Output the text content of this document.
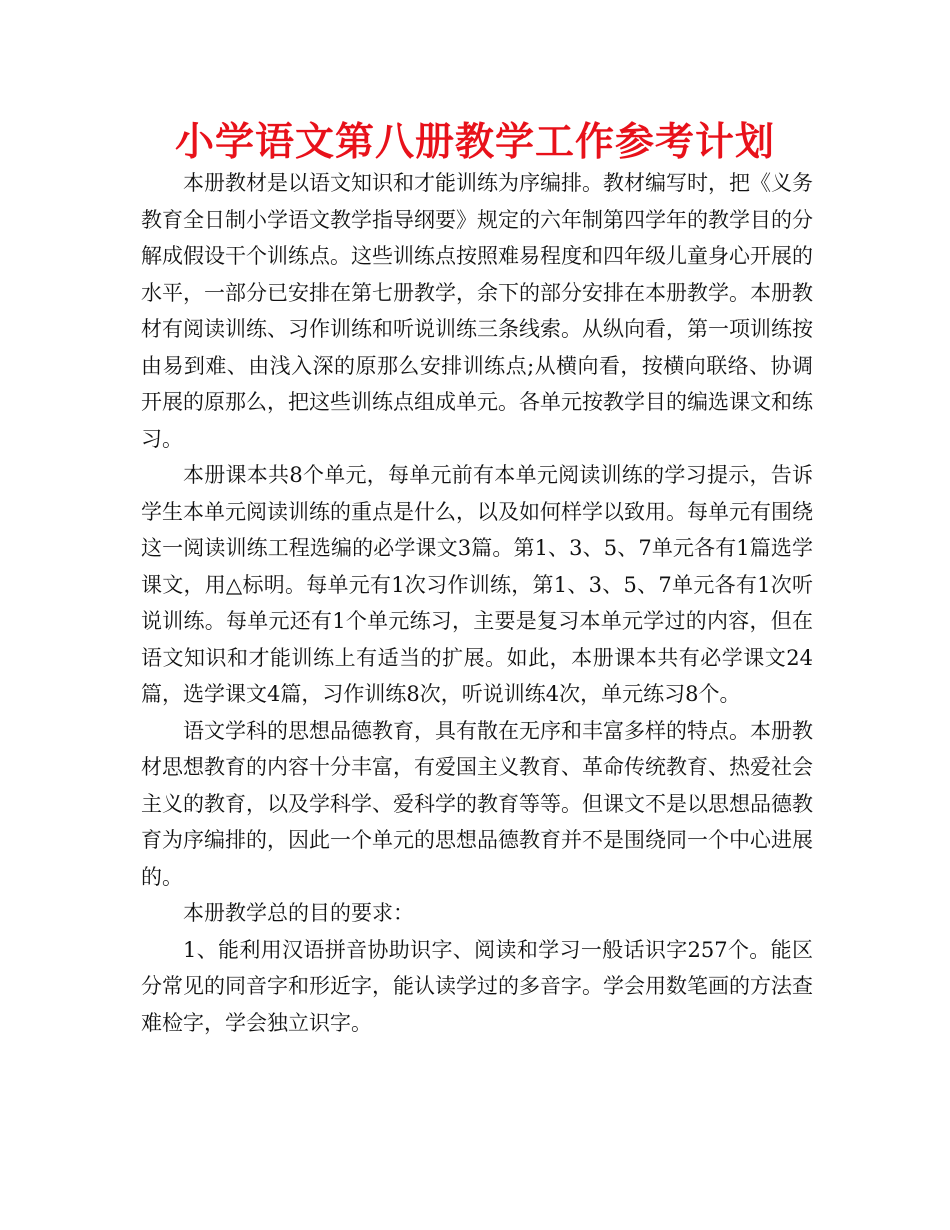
小学语文第八册教学工作参考计划

本册教材是以语文知识和才能训练为序编排。教材编写时，把《义务教育全日制小学语文教学指导纲要》规定的六年制第四学年的教学目的分解成假设干个训练点。这些训练点按照难易程度和四年级儿童身心开展的水平，一部分已安排在第七册教学，余下的部分安排在本册教学。本册教材有阅读训练、习作训练和听说训练三条线索。从纵向看，第一项训练按由易到难、由浅入深的原那么安排训练点;从横向看，按横向联络、协调开展的原那么，把这些训练点组成单元。各单元按教学目的编选课文和练习。

本册课本共8个单元，每单元前有本单元阅读训练的学习提示，告诉学生本单元阅读训练的重点是什么，以及如何样学以致用。每单元有围绕这一阅读训练工程选编的必学课文3篇。第1、3、5、7单元各有1篇选学课文，用△标明。每单元有1次习作训练，第1、3、5、7单元各有1次听说训练。每单元还有1个单元练习，主要是复习本单元学过的内容，但在语文知识和才能训练上有适当的扩展。如此，本册课本共有必学课文24篇，选学课文4篇，习作训练8次，听说训练4次，单元练习8个。

语文学科的思想品德教育，具有散在无序和丰富多样的特点。本册教材思想教育的内容十分丰富，有爱国主义教育、革命传统教育、热爱社会主义的教育，以及学科学、爱科学的教育等等。但课文不是以思想品德教育为序编排的，因此一个单元的思想品德教育并不是围绕同一个中心进展的。

本册教学总的目的要求：

1、能利用汉语拼音协助识字、阅读和学习一般话识字257个。能区分常见的同音字和形近字，能认读学过的多音字。学会用数笔画的方法查难检字，学会独立识字。
